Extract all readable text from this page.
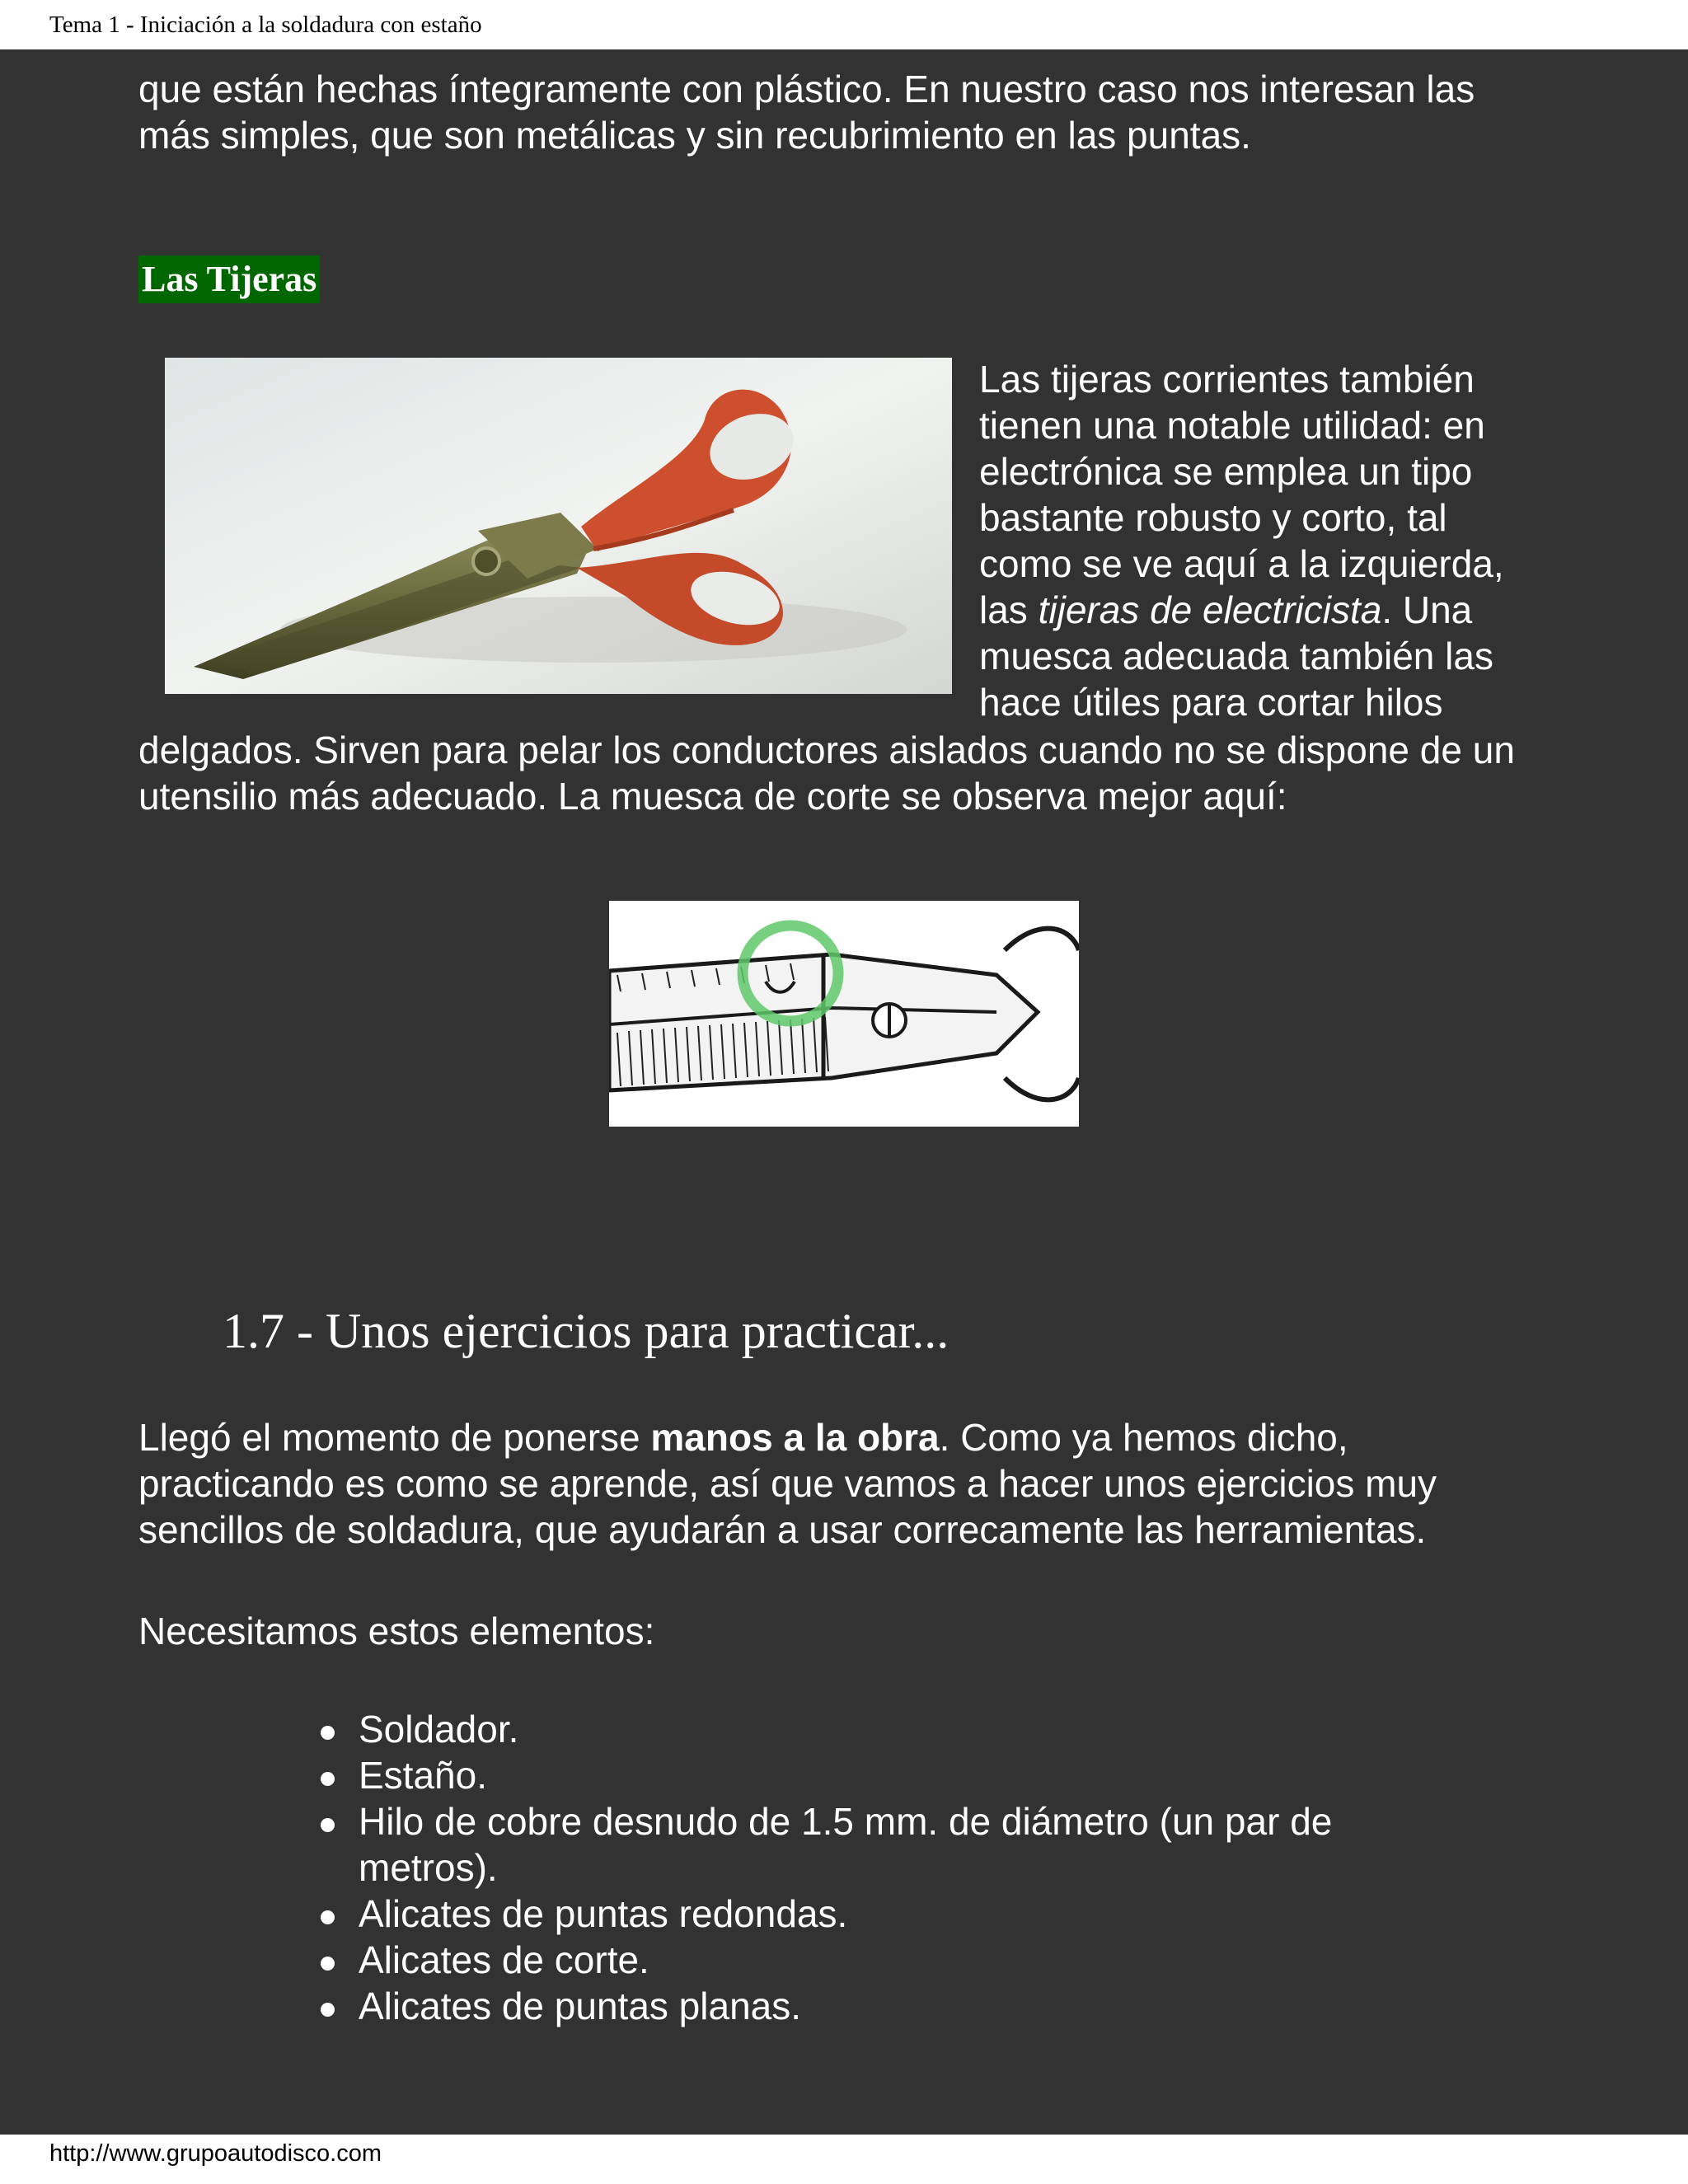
Tema 1 - Iniciación a la soldadura con estaño

que están hechas íntegramente con plástico. En nuestro caso nos interesan las
más simples, que son metálicas y sin recubrimiento en las puntas.

Las Tijeras

Las tijeras corrientes también
tienen una notable utilidad: en
electrónica se emplea un tipo
bastante robusto y corto, tal
como se ve aquí a la izquierda,
las tijeras de electricista. Una
muesca adecuada también las
hace útiles para cortar hilos

delgados. Sirven para pelar los conductores aislados cuando no se dispone de un
utensilio más adecuado. La muesca de corte se observa mejor aquí:

1.7 - Unos ejercicios para practicar...

Llegó el momento de ponerse manos a la obra. Como ya hemos dicho,
practicando es como se aprende, así que vamos a hacer unos ejercicios muy
sencillos de soldadura, que ayudarán a usar correcamente las herramientas.

Necesitamos estos elementos:

Soldador.
Estaño.
Hilo de cobre desnudo de 1.5 mm. de diámetro (un par de
metros).
Alicates de puntas redondas.
Alicates de corte.
Alicates de puntas planas.
http://www.grupoautodisco.com
